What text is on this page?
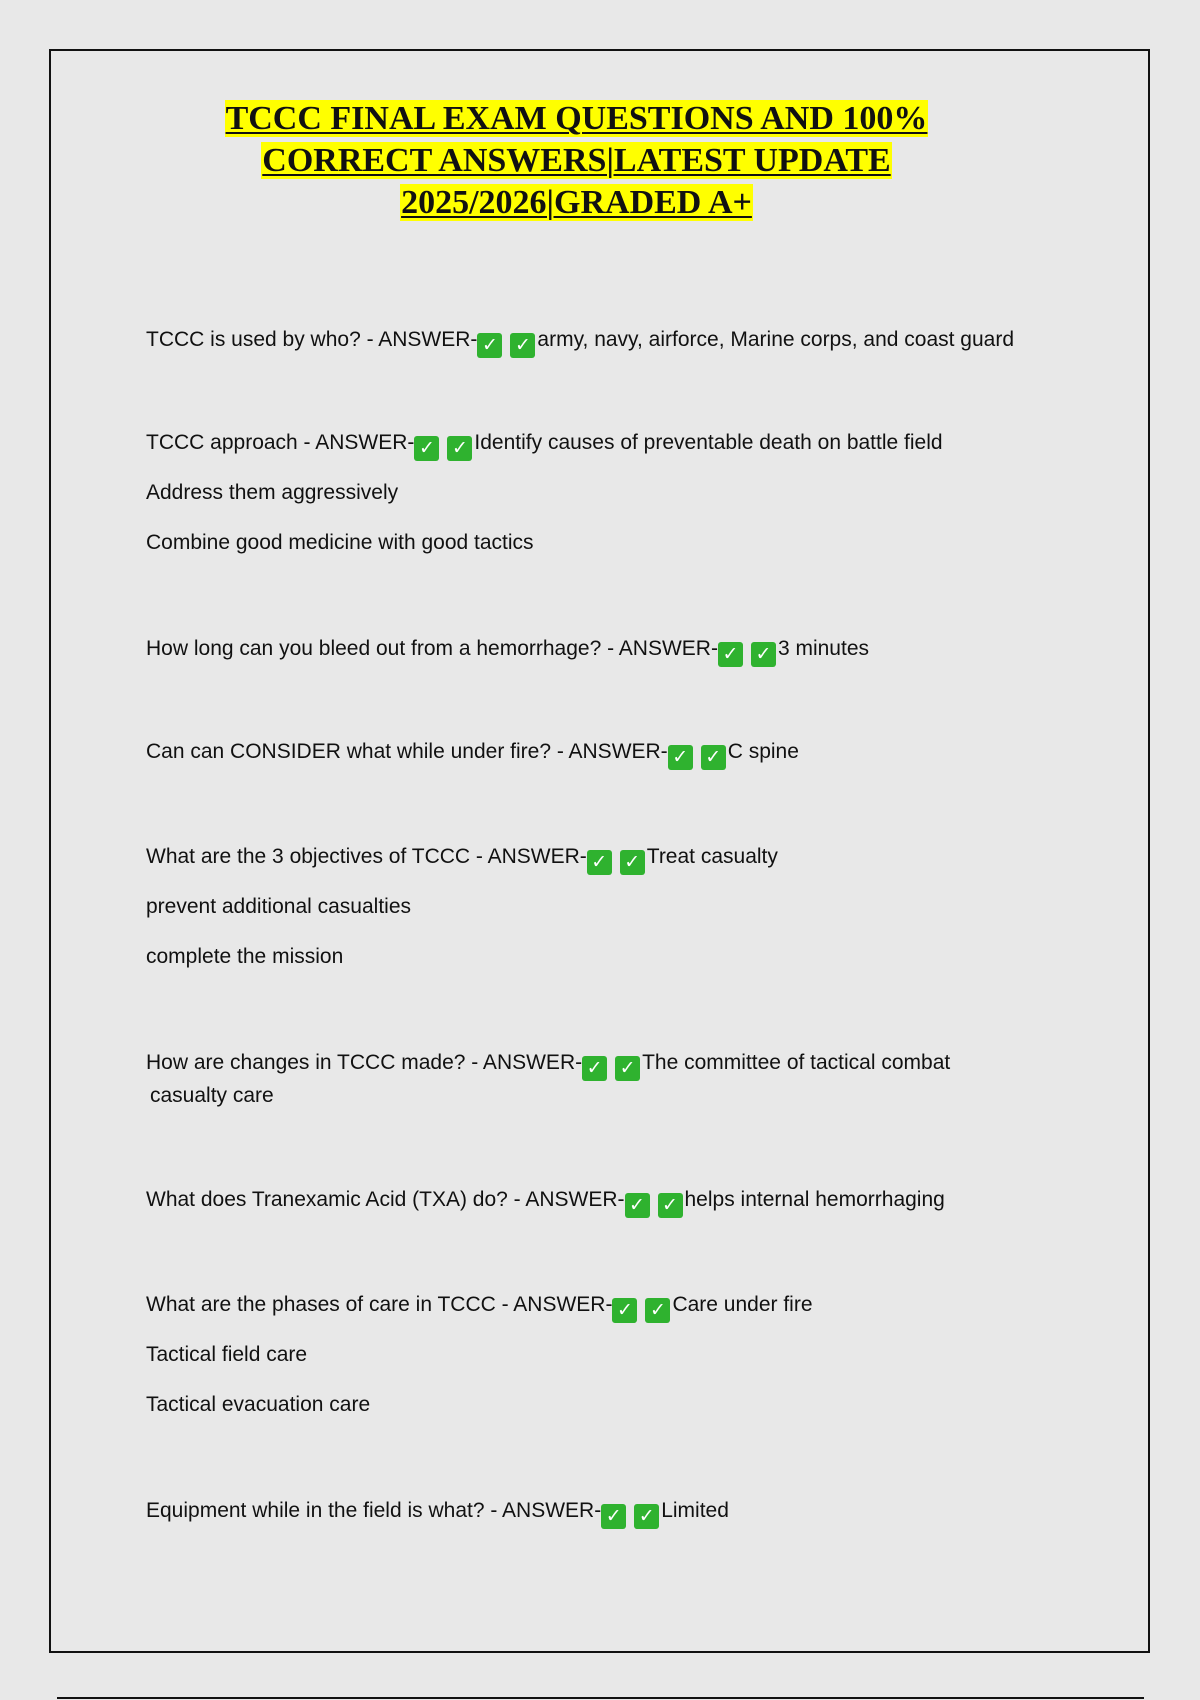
TCCC FINAL EXAM QUESTIONS AND 100%
CORRECT ANSWERS|LATEST UPDATE
2025/2026|GRADED A+
TCCC is used by who? - ANSWER- ✓ ✓ army, navy, airforce, Marine corps, and coast guard
TCCC approach - ANSWER- ✓ ✓ Identify causes of preventable death on battle field
Address them aggressively
Combine good medicine with good tactics
How long can you bleed out from a hemorrhage? - ANSWER- ✓ ✓ 3 minutes
Can can CONSIDER what while under fire? - ANSWER- ✓ ✓ C spine
What are the 3 objectives of TCCC - ANSWER- ✓ ✓ Treat casualty
prevent additional casualties
complete the mission
How are changes in TCCC made? - ANSWER- ✓ ✓ The committee of tactical combat
casualty care
What does Tranexamic Acid (TXA) do? - ANSWER- ✓ ✓ helps internal hemorrhaging
What are the phases of care in TCCC - ANSWER- ✓ ✓ Care under fire
Tactical field care
Tactical evacuation care
Equipment while in the field is what? - ANSWER- ✓ ✓ Limited
